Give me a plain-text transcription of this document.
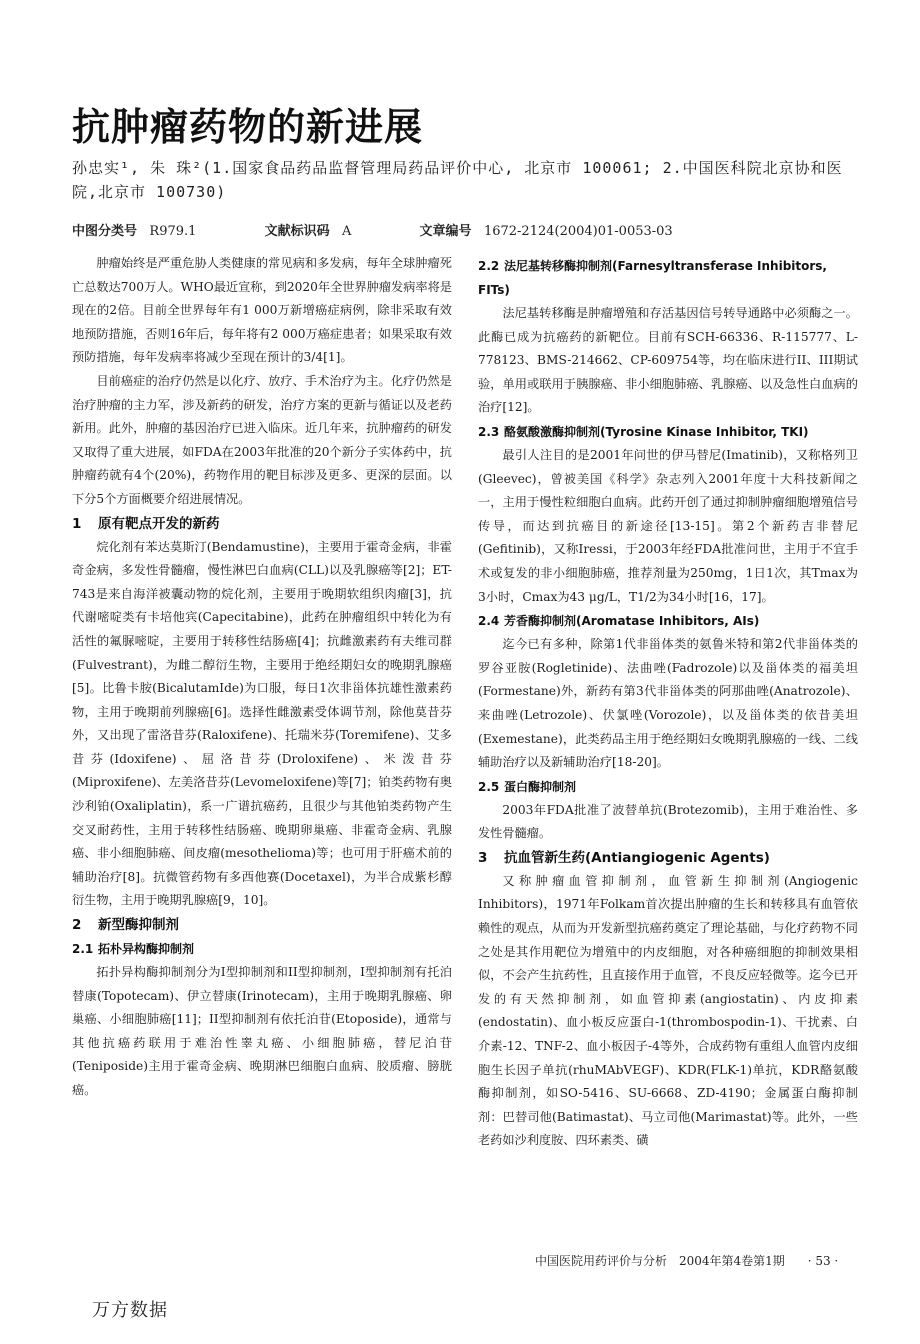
抗肿瘤药物的新进展

孙忠实¹, 朱 珠²(1.国家食品药品监督管理局药品评价中心, 北京市 100061; 2.中国医科院北京协和医院,北京市 100730)

中图分类号 R979.1	文献标识码 A	文章编号 1672-2124(2004)01-0053-03

肿瘤始终是严重危胁人类健康的常见病和多发病，每年全球肿瘤死亡总数达700万人。WHO最近宣称，到2020年全世界肿瘤发病率将是现在的2倍。目前全世界每年有1 000万新增癌症病例，除非采取有效地预防措施，否则16年后，每年将有2 000万癌症患者；如果采取有效预防措施，每年发病率将减少至现在预计的3/4[1]。

目前癌症的治疗仍然是以化疗、放疗、手术治疗为主。化疗仍然是治疗肿瘤的主力军，涉及新药的研发，治疗方案的更新与循证以及老药新用。此外，肿瘤的基因治疗已进入临床。近几年来，抗肿瘤药的研发又取得了重大进展，如FDA在2003年批准的20个新分子实体药中，抗肿瘤药就有4个(20%)，药物作用的靶目标涉及更多、更深的层面。以下分5个方面概要介绍进展情况。

1 原有靶点开发的新药

烷化剂有苯达莫斯汀(Bendamustine)，主要用于霍奇金病，非霍奇金病，多发性骨髓瘤，慢性淋巴白血病(CLL)以及乳腺癌等[2]；ET-743是来自海洋被囊动物的烷化剂，主要用于晚期软组织肉瘤[3]，抗代谢嘧啶类有卡培他宾(Capecitabine)，此药在肿瘤组织中转化为有活性的氟脲嘧啶，主要用于转移性结肠癌[4]；抗雌激素药有夫维司群(Fulvestrant)，为雌二醇衍生物，主要用于绝经期妇女的晚期乳腺癌[5]。比鲁卡胺(BicalutamIde)为口服，每日1次非甾体抗雄性激素药物，主用于晚期前列腺癌[6]。选择性雌激素受体调节剂，除他莫昔芬外，又出现了雷洛昔芬(Raloxifene)、托瑞米芬(Toremifene)、艾多昔芬(Idoxifene)、屈洛昔芬(Droloxifene)、米泼昔芬(Miproxifene)、左美洛昔芬(Levomeloxifene)等[7]；铂类药物有奥沙利铂(Oxaliplatin)，系一广谱抗癌药，且很少与其他铂类药物产生交叉耐药性，主用于转移性结肠癌、晚期卵巢癌、非霍奇金病、乳腺癌、非小细胞肺癌、间皮瘤(mesothelioma)等；也可用于肝癌术前的辅助治疗[8]。抗微管药物有多西他赛(Docetaxel)，为半合成紫杉醇衍生物，主用于晚期乳腺癌[9，10]。

2 新型酶抑制剂
2.1 拓朴异构酶抑制剂

拓扑异构酶抑制剂分为I型抑制剂和II型抑制剂，I型抑制剂有托泊替康(Topotecam)、伊立替康(Irinotecam)，主用于晚期乳腺癌、卵巢癌、小细胞肺癌[11]；II型抑制剂有依托泊苷(Etoposide)，通常与其他抗癌药联用于难治性睾丸癌、小细胞肺癌，替尼泊苷(Teniposide)主用于霍奇金病、晚期淋巴细胞白血病、胶质瘤、膀胱癌。

2.2 法尼基转移酶抑制剂(Farnesyltransferase Inhibitors, FITs)

法尼基转移酶是肿瘤增殖和存活基因信号转导通路中必须酶之一。此酶已成为抗癌药的新靶位。目前有SCH-66336、R-115777、L-778123、BMS-214662、CP-609754等，均在临床进行II、III期试验，单用或联用于胰腺癌、非小细胞肺癌、乳腺癌、以及急性白血病的治疗[12]。

2.3 酪氨酸激酶抑制剂(Tyrosine Kinase Inhibitor, TKI)

最引人注目的是2001年问世的伊马替尼(Imatinib)，又称格列卫(Gleevec)，曾被美国《科学》杂志列入2001年度十大科技新闻之一，主用于慢性粒细胞白血病。此药开创了通过抑制肿瘤细胞增殖信号传导，而达到抗癌目的新途径[13-15]。第2个新药吉非替尼(Gefitinib)，又称Iressi，于2003年经FDA批准问世，主用于不宜手术或复发的非小细胞肺癌，推荐剂量为250mg，1日1次，其Tmax为3小时，Cmax为43 μg/L，T1/2为34小时[16，17]。

2.4 芳香酶抑制剂(Aromatase Inhibitors, AIs)

迄今已有多种，除第1代非甾体类的氨鲁米特和第2代非甾体类的罗谷亚胺(Rogletinide)、法曲唑(Fadrozole)以及甾体类的福美坦(Formestane)外，新药有第3代非甾体类的阿那曲唑(Anatrozole)、来曲唑(Letrozole)、伏氯唑(Vorozole)，以及甾体类的依昔美坦(Exemestane)，此类药品主用于绝经期妇女晚期乳腺癌的一线、二线辅助治疗以及新辅助治疗[18-20]。

2.5 蛋白酶抑制剂

2003年FDA批准了波替单抗(Brotezomib)，主用于难治性、多发性骨髓瘤。

3 抗血管新生药(Antiangiogenic Agents)

又称肿瘤血管抑制剂，血管新生抑制剂(Angiogenic Inhibitors)，1971年Folkam首次提出肿瘤的生长和转移具有血管依赖性的观点，从而为开发新型抗癌药奠定了理论基础，与化疗药物不同之处是其作用靶位为增殖中的内皮细胞，对各种癌细胞的抑制效果相似，不会产生抗药性，且直接作用于血管，不良反应轻微等。迄今已开发的有天然抑制剂，如血管抑素(angiostatin)、内皮抑素(endostatin)、血小板反应蛋白-1(thrombospodin-1)、干扰素、白介素-12、TNF-2、血小板因子-4等外，合成药物有重组人血管内皮细胞生长因子单抗(rhuMAbVEGF)、KDR(FLK-1)单抗，KDR酪氨酸酶抑制剂，如SO-5416、SU-6668、ZD-4190；金属蛋白酶抑制剂：巴替司他(Batimastat)、马立司他(Marimastat)等。此外，一些老药如沙利度胺、四环素类、磺

中国医院用药评价与分析　2004年第4卷第1期 · 53 ·

万方数据
